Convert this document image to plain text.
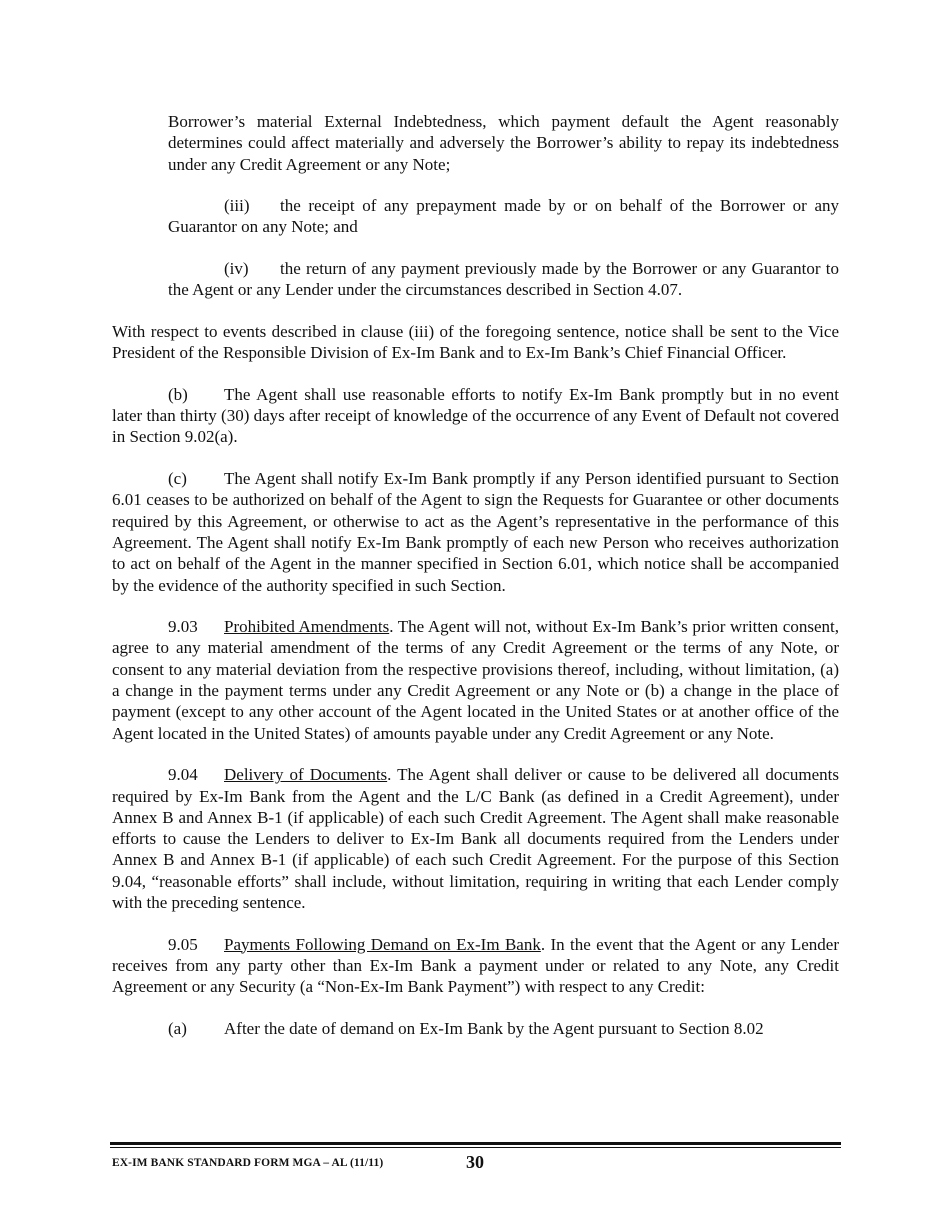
Borrower’s material External Indebtedness, which payment default the Agent reasonably determines could affect materially and adversely the Borrower’s ability to repay its indebtedness under any Credit Agreement or any Note;

(iii) the receipt of any prepayment made by or on behalf of the Borrower or any Guarantor on any Note; and

(iv) the return of any payment previously made by the Borrower or any Guarantor to the Agent or any Lender under the circumstances described in Section 4.07.

With respect to events described in clause (iii) of the foregoing sentence, notice shall be sent to the Vice President of the Responsible Division of Ex-Im Bank and to Ex-Im Bank’s Chief Financial Officer.

(b) The Agent shall use reasonable efforts to notify Ex-Im Bank promptly but in no event later than thirty (30) days after receipt of knowledge of the occurrence of any Event of Default not covered in Section 9.02(a).

(c) The Agent shall notify Ex-Im Bank promptly if any Person identified pursuant to Section 6.01 ceases to be authorized on behalf of the Agent to sign the Requests for Guarantee or other documents required by this Agreement, or otherwise to act as the Agent’s representative in the performance of this Agreement. The Agent shall notify Ex-Im Bank promptly of each new Person who receives authorization to act on behalf of the Agent in the manner specified in Section 6.01, which notice shall be accompanied by the evidence of the authority specified in such Section.

9.03 Prohibited Amendments. The Agent will not, without Ex-Im Bank’s prior written consent, agree to any material amendment of the terms of any Credit Agreement or the terms of any Note, or consent to any material deviation from the respective provisions thereof, including, without limitation, (a) a change in the payment terms under any Credit Agreement or any Note or (b) a change in the place of payment (except to any other account of the Agent located in the United States or at another office of the Agent located in the United States) of amounts payable under any Credit Agreement or any Note.

9.04 Delivery of Documents. The Agent shall deliver or cause to be delivered all documents required by Ex-Im Bank from the Agent and the L/C Bank (as defined in a Credit Agreement), under Annex B and Annex B-1 (if applicable) of each such Credit Agreement. The Agent shall make reasonable efforts to cause the Lenders to deliver to Ex-Im Bank all documents required from the Lenders under Annex B and Annex B-1 (if applicable) of each such Credit Agreement. For the purpose of this Section 9.04, “reasonable efforts” shall include, without limitation, requiring in writing that each Lender comply with the preceding sentence.

9.05 Payments Following Demand on Ex-Im Bank. In the event that the Agent or any Lender receives from any party other than Ex-Im Bank a payment under or related to any Note, any Credit Agreement or any Security (a “Non-Ex-Im Bank Payment”) with respect to any Credit:

(a) After the date of demand on Ex-Im Bank by the Agent pursuant to Section 8.02

EX-IM BANK STANDARD FORM MGA – AL (11/11)	30
